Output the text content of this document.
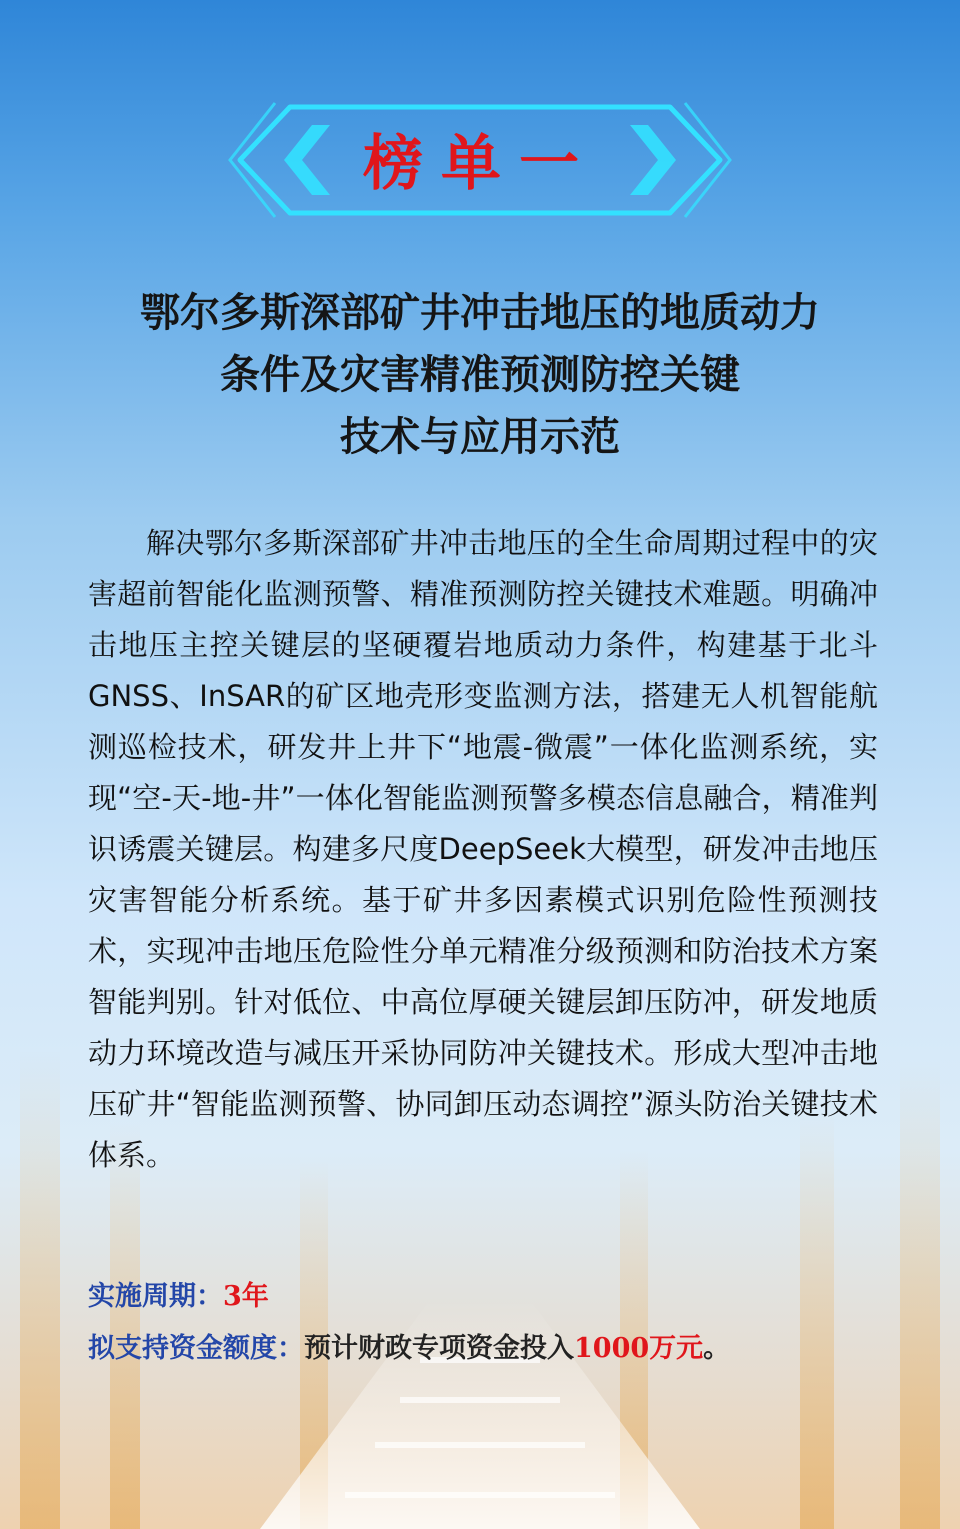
榜单一
鄂尔多斯深部矿井冲击地压的地质动力
条件及灾害精准预测防控关键
技术与应用示范

解决鄂尔多斯深部矿井冲击地压的全生命周期过程中的灾害超前智能化监测预警、精准预测防控关键技术难题。明确冲击地压主控关键层的坚硬覆岩地质动力条件，构建基于北斗GNSS、InSAR的矿区地壳形变监测方法，搭建无人机智能航测巡检技术，研发井上井下“地震-微震”一体化监测系统，实现“空-天-地-井”一体化智能监测预警多模态信息融合，精准判识诱震关键层。构建多尺度DeepSeek大模型，研发冲击地压灾害智能分析系统。基于矿井多因素模式识别危险性预测技术，实现冲击地压危险性分单元精准分级预测和防治技术方案智能判别。针对低位、中高位厚硬关键层卸压防冲，研发地质动力环境改造与减压开采协同防冲关键技术。形成大型冲击地压矿井“智能监测预警、协同卸压动态调控”源头防治关键技术体系。

实施周期：3年
拟支持资金额度：预计财政专项资金投入1000万元。
